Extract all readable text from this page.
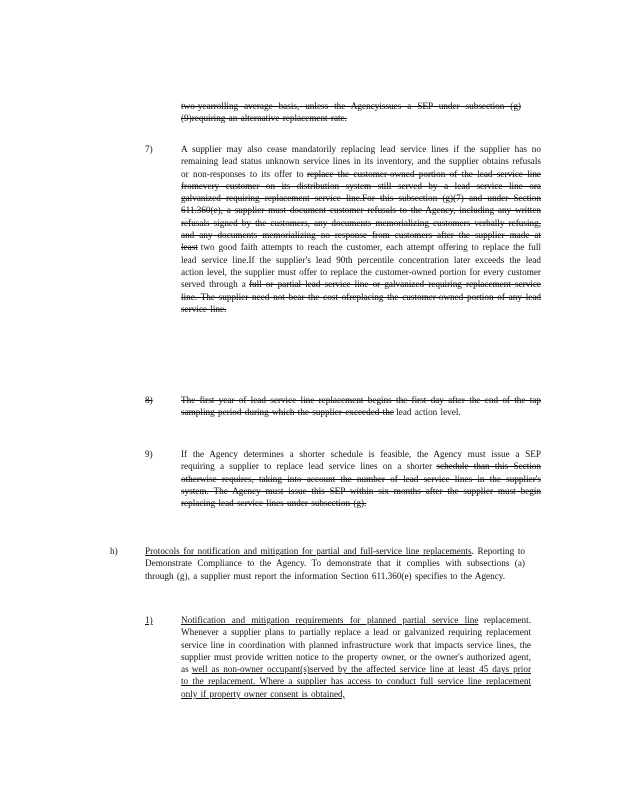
two-yearrolling average basis, unless the Agencyissues a SEP under subsection (g)(9)requiring an alternative replacement rate.
7)	A supplier may also cease mandatorily replacing lead service lines if the supplier has no remaining lead status unknown service lines in its inventory, and the supplier obtains refusals or non-responses to its offer to replace the customer-owned portion of the lead service line fromevery customer on its distribution system still served by a lead service line ora galvanized requiring replacement service line.For this subsection (g)(7) and under Section 611.360(e), a supplier must document customer refusals to the Agency, including any written refusals signed by the customers, any documents memorializing customers verbally refusing, and any documents memorializing no response from customers after the supplier made at least two good faith attempts to reach the customer, each attempt offering to replace the full lead service line.If the supplier's lead 90th percentile concentration later exceeds the lead action level, the supplier must offer to replace the customer-owned portion for every customer served through a full or partial lead service line or galvanized requiring replacement service line. The supplier need not bear the cost ofreplacing the customer-owned portion of any lead service line.
8)	The first year of lead service line replacement begins the first day after the end of the tap sampling period during which the supplier exceeded the lead action level.
9)	If the Agency determines a shorter schedule is feasible, the Agency must issue a SEP requiring a supplier to replace lead service lines on a shorter schedule than this Section otherwise requires, taking into account the number of lead service lines in the supplier's system. The Agency must issue this SEP within six months after the supplier must begin replacing lead service lines under subsection (g).
h)	Protocols for notification and mitigation for partial and full-service line replacements. Reporting to Demonstrate Compliance to the Agency. To demonstrate that it complies with subsections (a) through (g), a supplier must report the information Section 611.360(e) specifies to the Agency.
1)	Notification and mitigation requirements for planned partial service line replacement. Whenever a supplier plans to partially replace a lead or galvanized requiring replacement service line in coordination with planned infrastructure work that impacts service lines, the supplier must provide written notice to the property owner, or the owner's authorized agent, as well as non-owner occupant(s)served by the affected service line at least 45 days prior to the replacement. Where a supplier has access to conduct full service line replacement only if property owner consent is obtained,
